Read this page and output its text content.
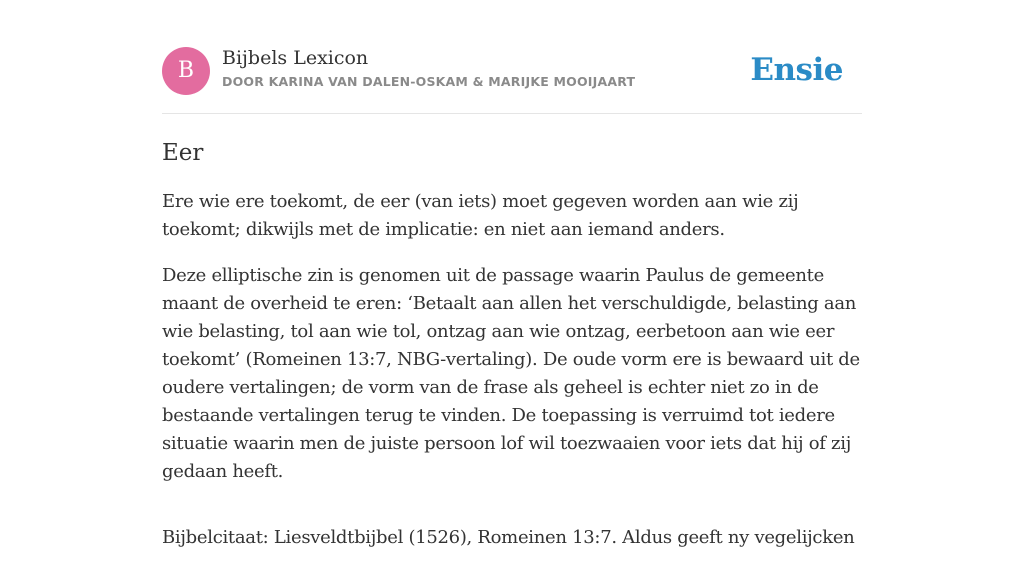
B	Bijbels Lexicon
DOOR KARINA VAN DALEN-OSKAM & MARIJKE MOOIJAART	Ensie
Eer

Ere wie ere toekomt, de eer (van iets) moet gegeven worden aan wie zij toekomt; dikwijls met de implicatie: en niet aan iemand anders.

Deze elliptische zin is genomen uit de passage waarin Paulus de gemeente maant de overheid te eren: ‘Betaalt aan allen het verschuldigde, belasting aan wie belasting, tol aan wie tol, ontzag aan wie ontzag, eerbetoon aan wie eer toekomt’ (Romeinen 13:7, NBG-vertaling). De oude vorm ere is bewaard uit de oudere vertalingen; de vorm van de frase als geheel is echter niet zo in de bestaande vertalingen terug te vinden. De toepassing is verruimd tot iedere situatie waarin men de juiste persoon lof wil toezwaaien voor iets dat hij of zij gedaan heeft.

Bijbelcitaat: Liesveldtbijbel (1526), Romeinen 13:7. Aldus geeft ny vegelijcken
